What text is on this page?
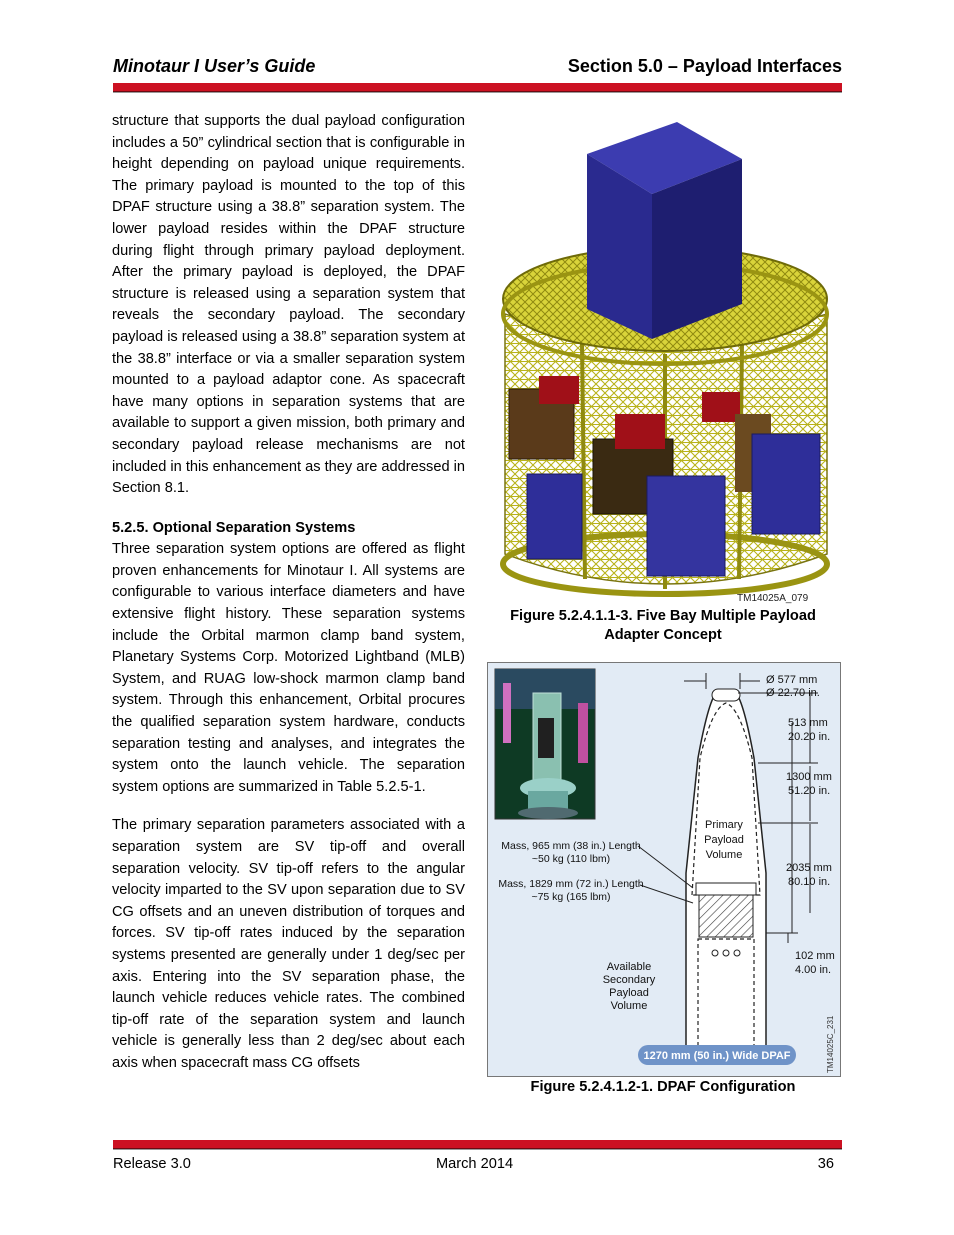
Minotaur I User’s Guide	Section 5.0 – Payload Interfaces

structure that supports the dual payload configuration includes a 50” cylindrical section that is configurable in height depending on payload unique requirements. The primary payload is mounted to the top of this DPAF structure using a 38.8” separation system. The lower payload resides within the DPAF structure during flight through primary payload deployment. After the primary payload is deployed, the DPAF structure is released using a separation system that reveals the secondary payload. The secondary payload is released using a 38.8” separation system at the 38.8” interface or via a smaller separation system mounted to a payload adaptor cone. As spacecraft have many options in separation systems that are available to support a given mission, both primary and secondary payload release mechanisms are not included in this enhancement as they are addressed in Section 8.1.

5.2.5. Optional Separation Systems

Three separation system options are offered as flight proven enhancements for Minotaur I. All systems are configurable to various interface diameters and have extensive flight history. These separation systems include the Orbital marmon clamp band system, Planetary Systems Corp. Motorized Lightband (MLB) System, and RUAG low-shock marmon clamp band system. Through this enhancement, Orbital procures the qualified separation system hardware, conducts separation testing and analyses, and integrates the system onto the launch vehicle. The separation system options are summarized in Table 5.2.5-1.

The primary separation parameters associated with a separation system are SV tip-off and overall separation velocity. SV tip-off refers to the angular velocity imparted to the SV upon separation due to SV CG offsets and an uneven distribution of torques and forces. SV tip-off rates induced by the separation systems presented are generally under 1 deg/sec per axis. Entering into the SV separation phase, the launch vehicle reduces vehicle rates. The combined tip-off rate of the separation system and launch vehicle is generally less than 2 deg/sec about each axis when spacecraft mass CG offsets

TM14025A_079
Figure 5.2.4.1.1-3. Five Bay Multiple Payload
Adapter Concept
Ø 577 mm
Ø 22.70 in.
513 mm
20.20 in.
1300 mm
51.20 in.
2035 mm
80.10 in.
102 mm
4.00 in.
Primary
Payload
Volume
Mass, 965 mm (38 in.) Length
~50 kg (110 lbm)
Mass, 1829 mm (72 in.) Length
~75 kg (165 lbm)
Available
Secondary
Payload
Volume
1270 mm (50 in.) Wide DPAF	TM14025C_231
Figure 5.2.4.1.2-1. DPAF Configuration
Release 3.0	March 2014	36
